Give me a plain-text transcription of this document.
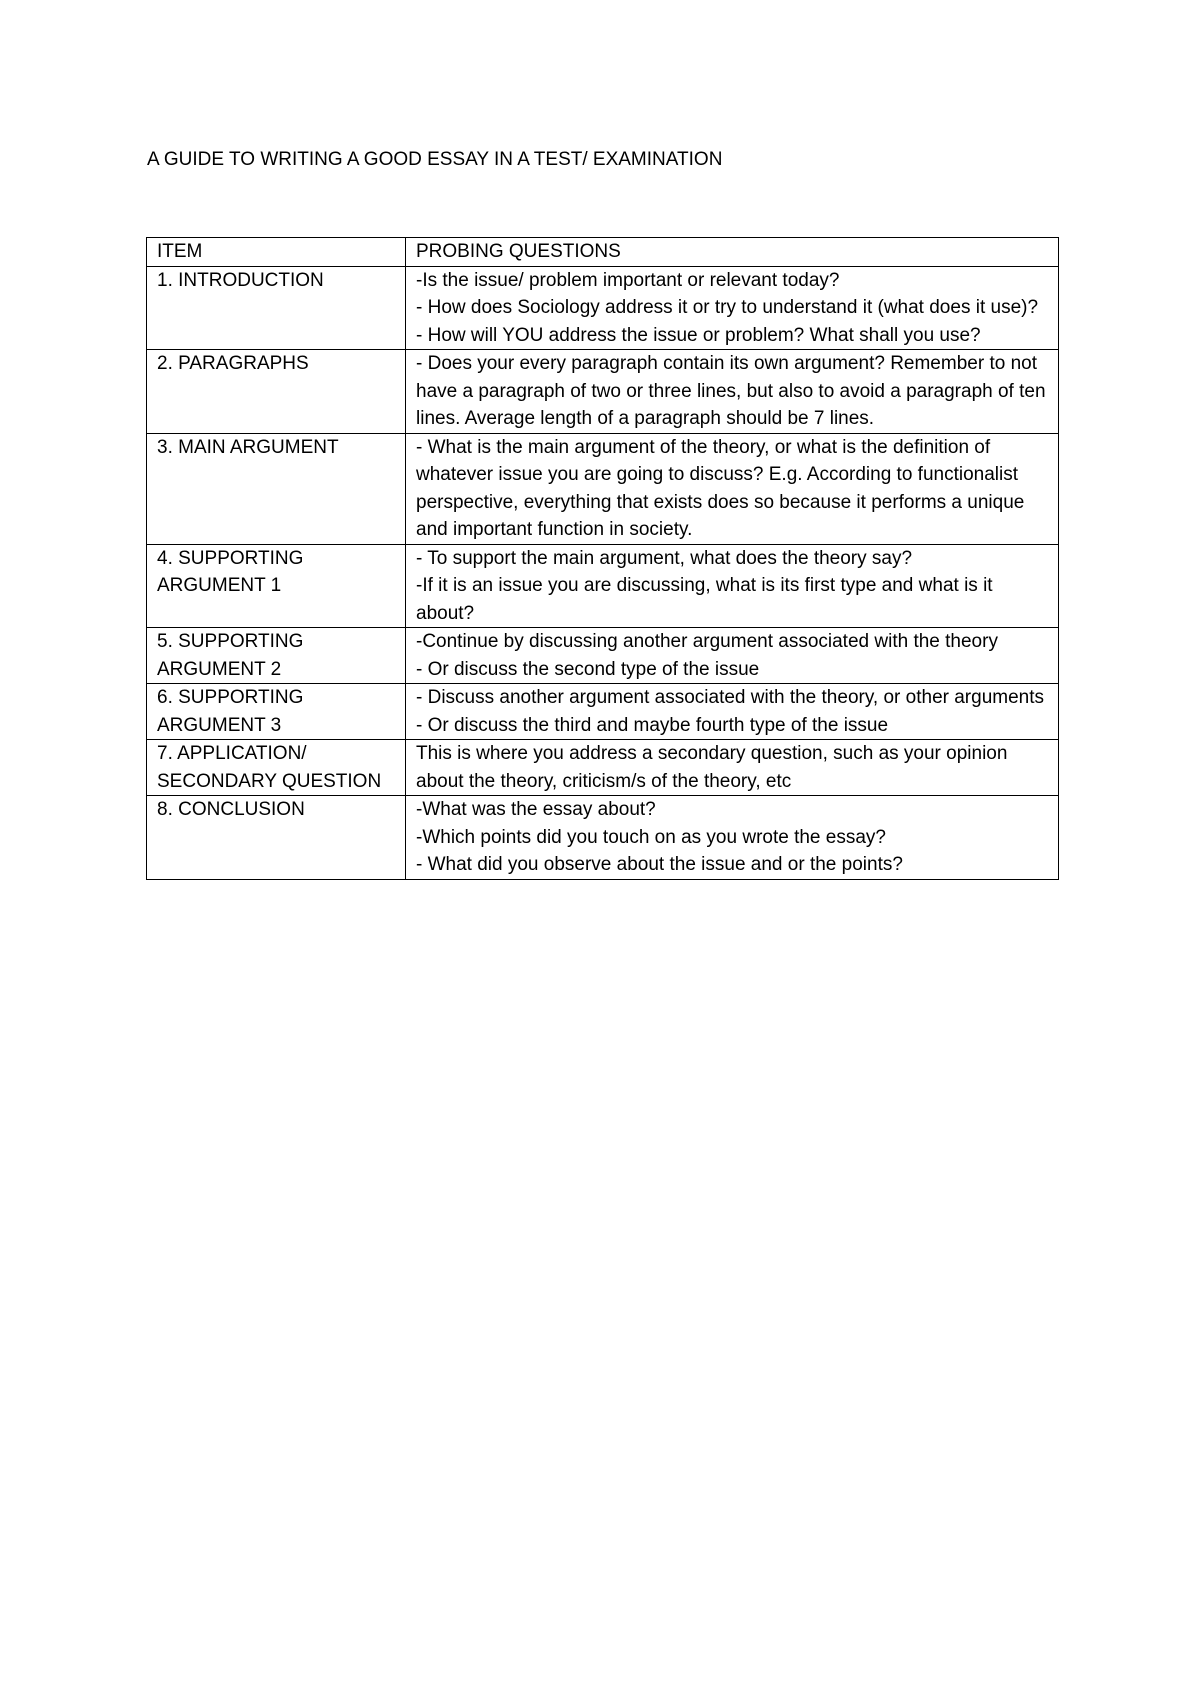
A GUIDE TO WRITING A GOOD ESSAY IN A TEST/ EXAMINATION
ITEM	PROBING QUESTIONS
1. INTRODUCTION	-Is the issue/ problem important or relevant today?
- How does Sociology address it or try to understand it (what does it use)?
- How will YOU address the issue or problem? What shall you use?
2. PARAGRAPHS	- Does your every paragraph contain its own argument? Remember to not have a paragraph of two or three lines, but also to avoid a paragraph of ten lines. Average length of a paragraph should be 7 lines.
3. MAIN ARGUMENT	- What is the main argument of the theory, or what is the definition of whatever issue you are going to discuss? E.g. According to functionalist perspective, everything that exists does so because it performs a unique and important function in society.
4. SUPPORTING ARGUMENT 1	- To support the main argument, what does the theory say?
-If it is an issue you are discussing, what is its first type and what is it about?
5. SUPPORTING ARGUMENT 2	-Continue by discussing another argument associated with the theory
- Or discuss the second type of the issue
6. SUPPORTING ARGUMENT 3	- Discuss another argument associated with the theory, or other arguments
- Or discuss the third and maybe fourth type of the issue
7. APPLICATION/ SECONDARY QUESTION	This is where you address a secondary question, such as your opinion about the theory, criticism/s of the theory, etc
8. CONCLUSION	-What was the essay about?
-Which points did you touch on as you wrote the essay?
- What did you observe about the issue and or the points?
